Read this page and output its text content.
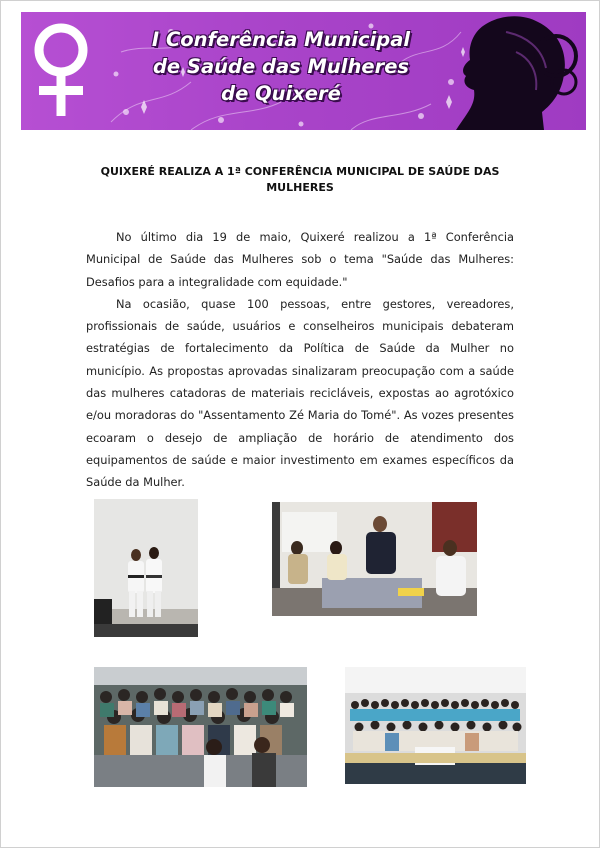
I Conferência Municipal
de Saúde das Mulheres
de Quixeré
QUIXERÉ REALIZA A 1ª CONFERÊNCIA MUNICIPAL DE SAÚDE DAS
MULHERES

No último dia 19 de maio, Quixeré realizou a 1ª Conferência Municipal de Saúde das Mulheres sob o tema "Saúde das Mulheres: Desafios para a integralidade com equidade."

Na ocasião, quase 100 pessoas, entre gestores, vereadores, profissionais de saúde, usuários e conselheiros municipais debateram estratégias de fortalecimento da Política de Saúde da Mulher no município. As propostas aprovadas sinalizaram preocupação com a saúde das mulheres catadoras de materiais recicláveis, expostas ao agrotóxico e/ou moradoras do "Assentamento Zé Maria do Tomé". As vozes presentes ecoaram o desejo de ampliação de horário de atendimento dos equipamentos de saúde e maior investimento em exames específicos da Saúde da Mulher.
